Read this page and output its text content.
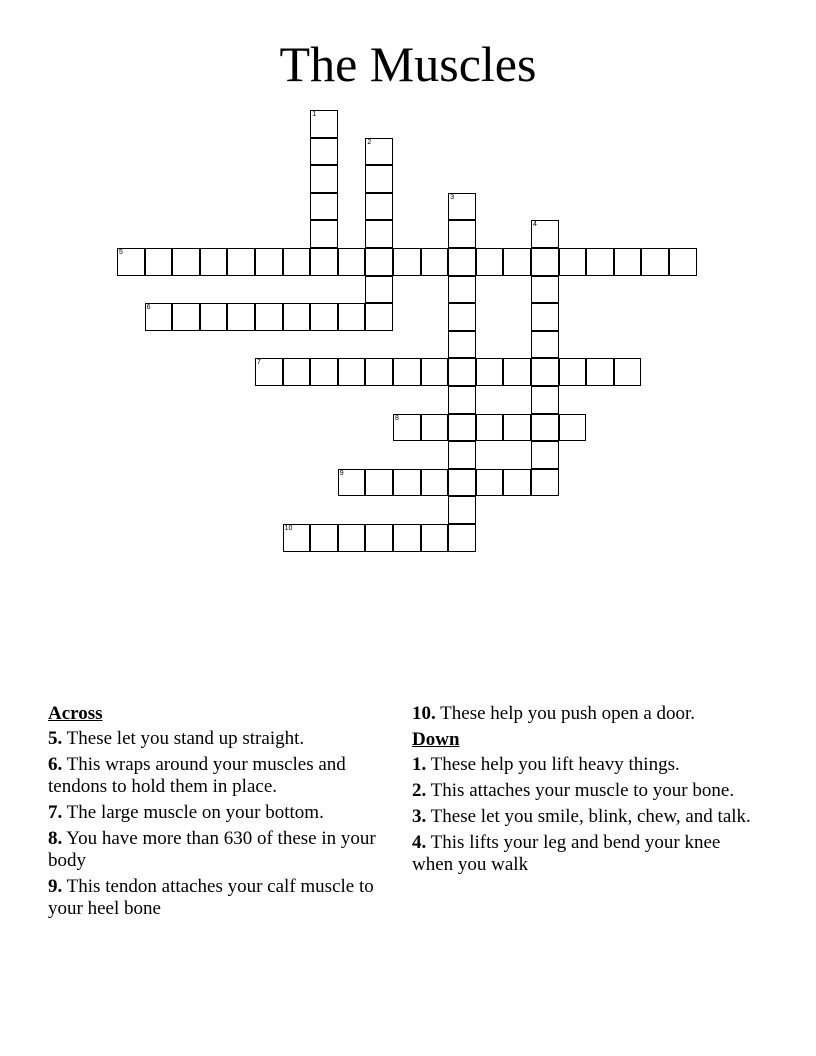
The Muscles
1
2
3
4
5
6
7
8
9
10
Across
5. These let you stand up straight.
6. This wraps around your muscles and tendons to hold them in place.
7. The large muscle on your bottom.
8. You have more than 630 of these in your body
9. This tendon attaches your calf muscle to your heel bone
10. These help you push open a door.
Down
1. These help you lift heavy things.
2. This attaches your muscle to your bone.
3. These let you smile, blink, chew, and talk.
4. This lifts your leg and bend your knee when you walk
